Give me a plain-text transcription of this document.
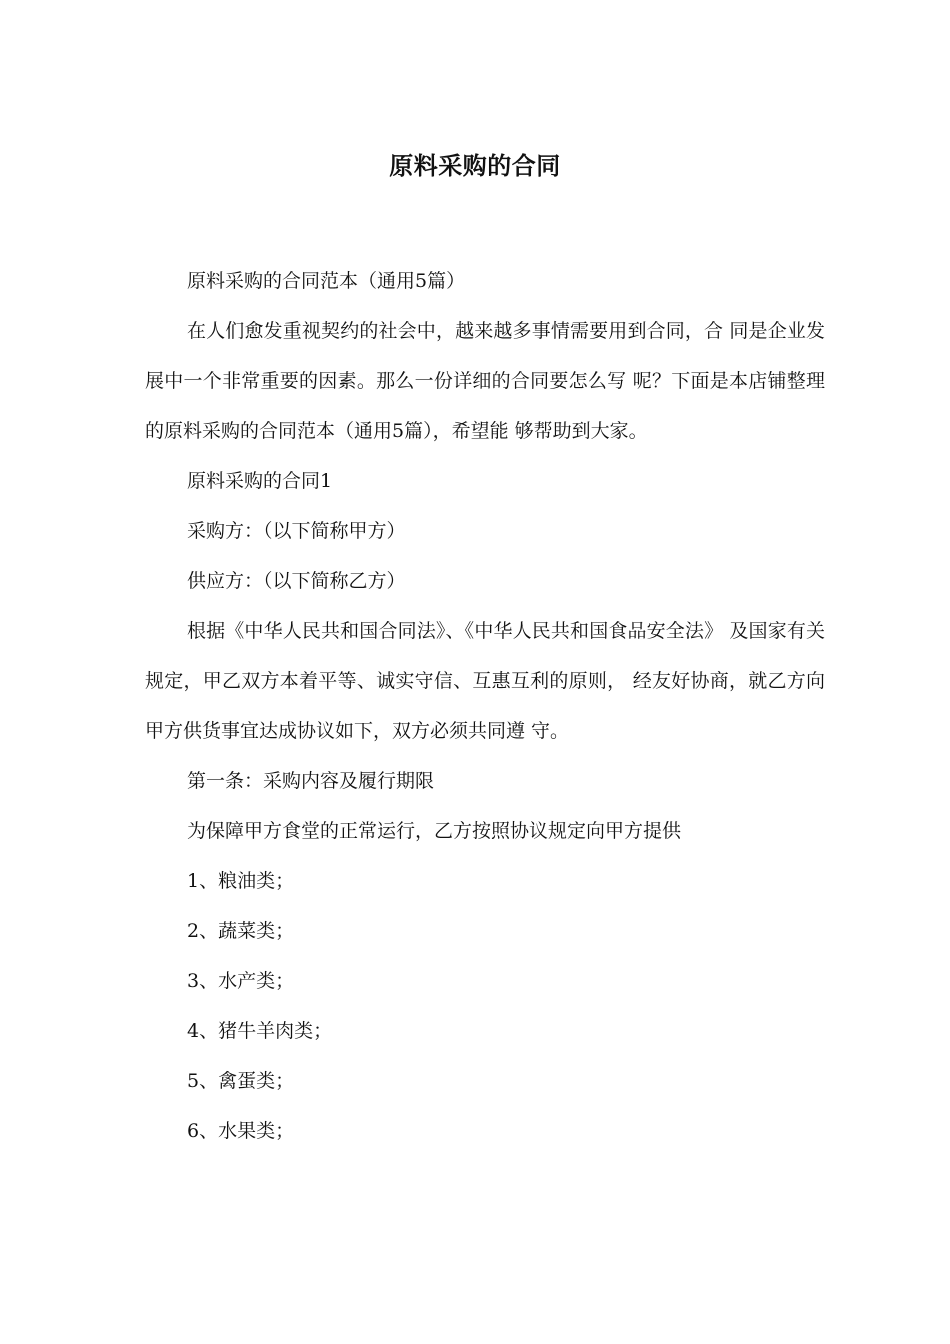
原料采购的合同

原料采购的合同范本（通用5篇）

在人们愈发重视契约的社会中，越来越多事情需要用到合同，合 同是企业发展中一个非常重要的因素。那么一份详细的合同要怎么写 呢？下面是本店铺整理的原料采购的合同范本（通用5篇），希望能 够帮助到大家。

原料采购的合同1

采购方：（以下简称甲方）

供应方：（以下简称乙方）

根据《中华人民共和国合同法》、《中华人民共和国食品安全法》 及国家有关规定，甲乙双方本着平等、诚实守信、互惠互利的原则， 经友好协商，就乙方向甲方供货事宜达成协议如下，双方必须共同遵 守。

第一条：采购内容及履行期限

为保障甲方食堂的正常运行，乙方按照协议规定向甲方提供

1、粮油类；

2、蔬菜类；

3、水产类；

4、猪牛羊肉类；

5、禽蛋类；

6、水果类；
